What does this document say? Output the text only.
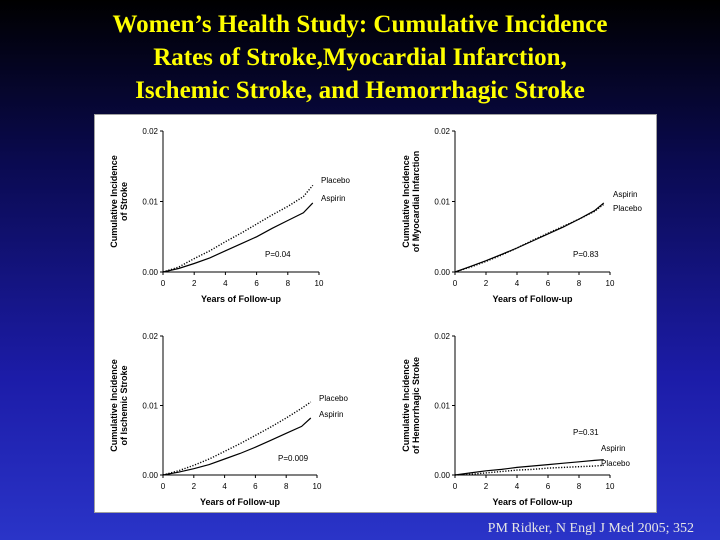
Women’s Health Study: Cumulative Incidence
Rates of Stroke,Myocardial Infarction,
Ischemic Stroke, and Hemorrhagic Stroke
0	2	4	6	8	10
0.00
0.01
0.02
Years of Follow-up
Cumulative Incidence of Stroke
Placebo
Aspirin
P=0.04
0	2	4	6	8	10
0.00
0.01
0.02
Years of Follow-up
Cumulative Incidence of Myocardial Infarction	Aspirin
Placebo
P=0.83
0	2	4	6	8	10
0.00
0.01
0.02
Years of Follow-up
Cumulative Incidence of Ischemic Stroke	Placebo
Aspirin
P=0.009
0	2	4	6	8	10
0.00
0.01
0.02
Years of Follow-up
Cumulative Incidence of Hemorrhagic Stroke	Aspirin
Placebo
P=0.31
PM Ridker, N Engl J Med 2005; 352
